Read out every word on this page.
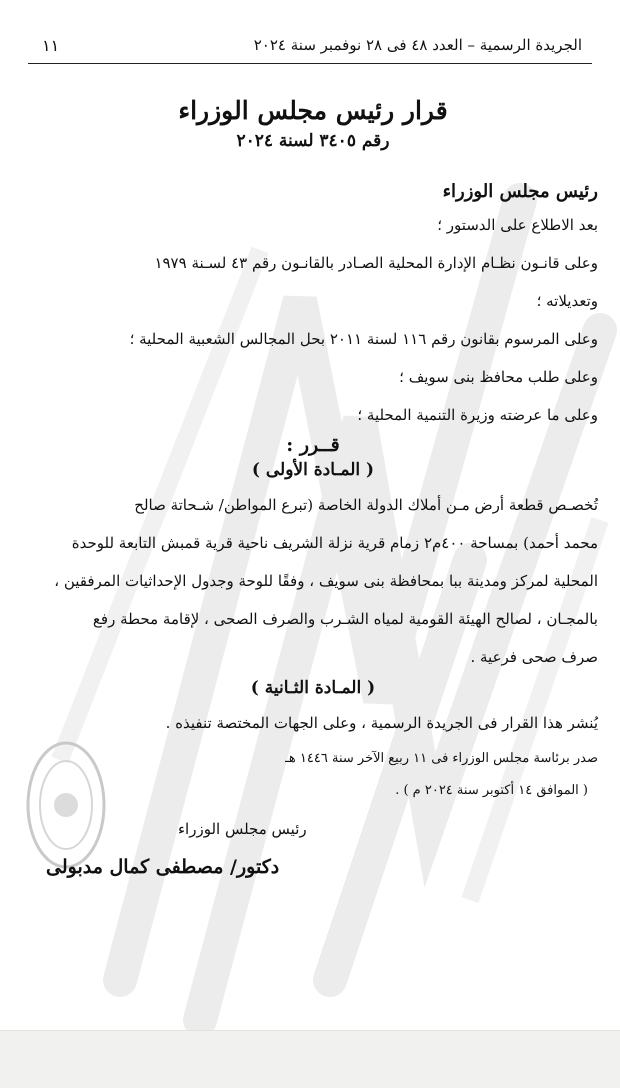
الجريدة الرسمية – العدد ٤٨ فى ٢٨ نوفمبر سنة ٢٠٢٤
١١

قرار رئيس مجلس الوزراء

رقم ٣٤٠٥ لسنة ٢٠٢٤

رئيس مجلس الوزراء

بعد الاطلاع على الدستور ؛

وعلى قانـون نظـام الإدارة المحلية الصـادر بالقانـون رقم ٤٣ لسـنة ١٩٧٩

وتعديلاته ؛

وعلى المرسوم بقانون رقم ١١٦ لسنة ٢٠١١ بحل المجالس الشعبية المحلية ؛

وعلى طلب محافظ بنى سويف ؛

وعلى ما عرضته وزيرة التنمية المحلية ؛

قــرر :

( المـادة الأولى )

تُخصـص قطعة أرض مـن أملاك الدولة الخاصة (تبرع المواطن/ شـحاتة صالح

محمد أحمد) بمساحة ٤٠٠م٢ زمام قرية نزلة الشريف ناحية قرية قمبش التابعة للوحدة

المحلية لمركز ومدينة ببا بمحافظة بنى سويف ، وفقًا للوحة وجدول الإحداثيات المرفقين ،

بالمجـان ، لصالح الهيئة القومية لمياه الشـرب والصرف الصحى ، لإقامة محطة رفع

صرف صحى فرعية .

( المـادة الثـانية )

يُنشر هذا القرار فى الجريدة الرسمية ، وعلى الجهات المختصة تنفيذه .

صدر برئاسة مجلس الوزراء فى ١١ ربيع الآخر سنة ١٤٤٦ هـ

( الموافق ١٤ أكتوبر سنة ٢٠٢٤ م ) .

رئيس مجلس الوزراء

دكتور/ مصطفى كمال مدبولى
